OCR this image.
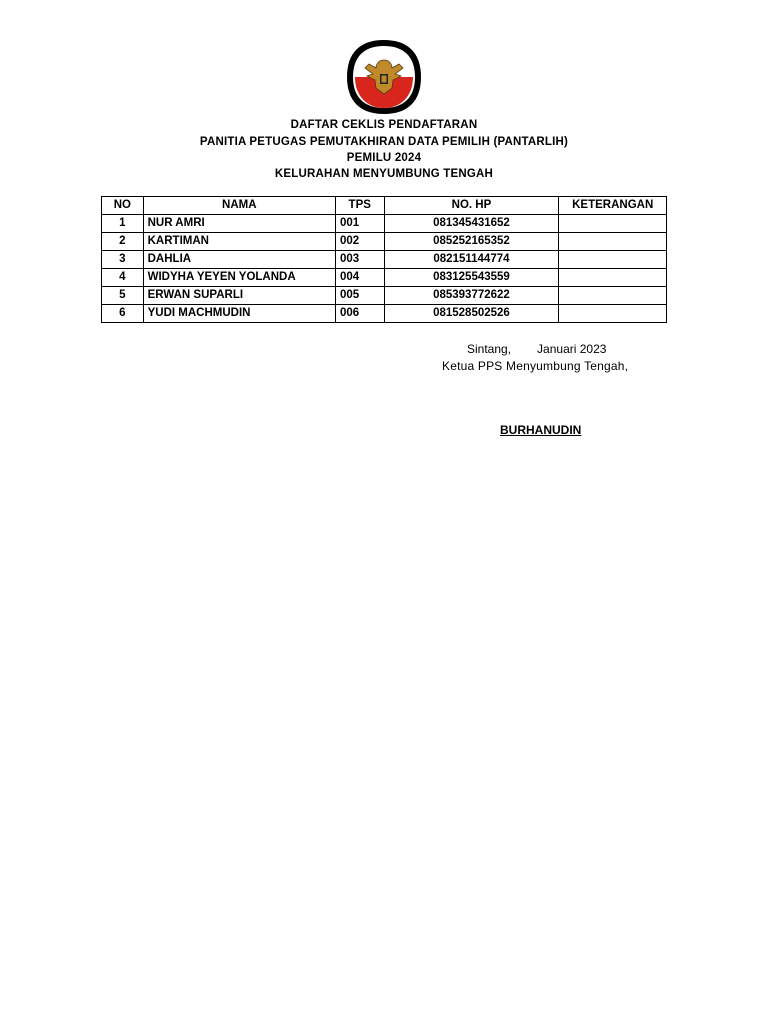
DAFTAR CEKLIS PENDAFTARAN
PANITIA PETUGAS PEMUTAKHIRAN DATA PEMILIH (PANTARLIH)
PEMILU 2024
KELURAHAN MENYUMBUNG TENGAH
NO	NAMA	TPS	NO. HP	KETERANGAN
1	NUR AMRI	001	081345431652	
2	KARTIMAN	002	085252165352	
3	DAHLIA	003	082151144774	
4	WIDYHA YEYEN YOLANDA	004	083125543559	
5	ERWAN SUPARLI	005	085393772622	
6	YUDI MACHMUDIN	006	081528502526	
Sintang, Januari 2023
Ketua PPS Menyumbung Tengah,
BURHANUDIN
